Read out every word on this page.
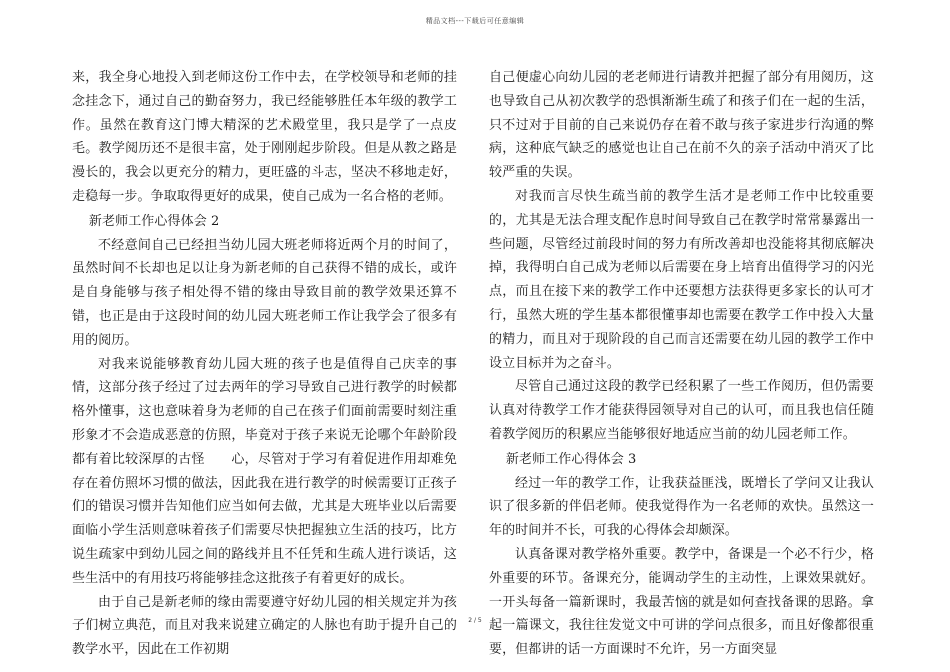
精品文档---下载后可任意编辑

来，我全身心地投入到老师这份工作中去，在学校领导和老师的挂念挂念下，通过自己的勤奋努力，我已经能够胜任本年级的教学工作。虽然在教育这门博大精深的艺术殿堂里，我只是学了一点皮毛。教学阅历还不是很丰富，处于刚刚起步阶段。但是从教之路是漫长的，我会以更充分的精力，更旺盛的斗志，坚决不移地走好，走稳每一步。争取取得更好的成果，使自己成为一名合格的老师。

新老师工作心得体会 2

不经意间自己已经担当幼儿园大班老师将近两个月的时间了，虽然时间不长却也足以让身为新老师的自己获得不错的成长，或许是自身能够与孩子相处得不错的缘由导致目前的教学效果还算不错，也正是由于这段时间的幼儿园大班老师工作让我学会了很多有用的阅历。

对我来说能够教育幼儿园大班的孩子也是值得自己庆幸的事情，这部分孩子经过了过去两年的学习导致自己进行教学的时候都格外懂事，这也意味着身为老师的自己在孩子们面前需要时刻注重形象才不会造成恶意的仿照，毕竟对于孩子来说无论哪个年龄阶段都有着比较深厚的古怪　　心，尽管对于学习有着促进作用却难免存在着仿照坏习惯的做法，因此我在进行教学的时候需要订正孩子们的错误习惯并告知他们应当如何去做，尤其是大班毕业以后需要面临小学生活则意味着孩子们需要尽快把握独立生活的技巧，比方说生疏家中到幼儿园之间的路线并且不任凭和生疏人进行谈话，这些生活中的有用技巧将能够挂念这批孩子有着更好的成长。

由于自己是新老师的缘由需要遵守好幼儿园的相关规定并为孩子们树立典范，而且对我来说建立确定的人脉也有助于提升自己的教学水平，因此在工作初期

自己便虚心向幼儿园的老老师进行请教并把握了部分有用阅历，这也导致自己从初次教学的恐惧渐渐生疏了和孩子们在一起的生活，只不过对于目前的自己来说仍存在着不敢与孩子家进步行沟通的弊病，这种底气缺乏的感觉也让自己在前不久的亲子活动中消灭了比较严重的失误。

对我而言尽快生疏当前的教学生活才是老师工作中比较重要的，尤其是无法合理支配作息时间导致自己在教学时常常暴露出一些问题，尽管经过前段时间的努力有所改善却也没能将其彻底解决掉，我得明白自己成为老师以后需要在身上培育出值得学习的闪光点，而且在接下来的教学工作中还要想方法获得更多家长的认可才行，虽然大班的学生基本都很懂事却也需要在教学工作中投入大量的精力，而且对于现阶段的自己而言还需要在幼儿园的教学工作中设立目标并为之奋斗。

尽管自己通过这段的教学已经积累了一些工作阅历，但仍需要认真对待教学工作才能获得园领导对自己的认可，而且我也信任随着教学阅历的积累应当能够很好地适应当前的幼儿园老师工作。

新老师工作心得体会 3

经过一年的教学工作，让我获益匪浅，既增长了学问又让我认识了很多新的伴侣老师。使我觉得作为一名老师的欢快。虽然这一年的时间并不长，可我的心得体会却颇深。

认真备课对教学格外重要。教学中，备课是一个必不行少，格外重要的环节。备课充分，能调动学生的主动性，上课效果就好。一开头每备一篇新课时，我最苦恼的就是如何查找备课的思路。拿起一篇课文，我往往发觉文中可讲的学问点很多，而且好像都很重要，但都讲的话一方面课时不允许，另一方面突显

2 / 5
